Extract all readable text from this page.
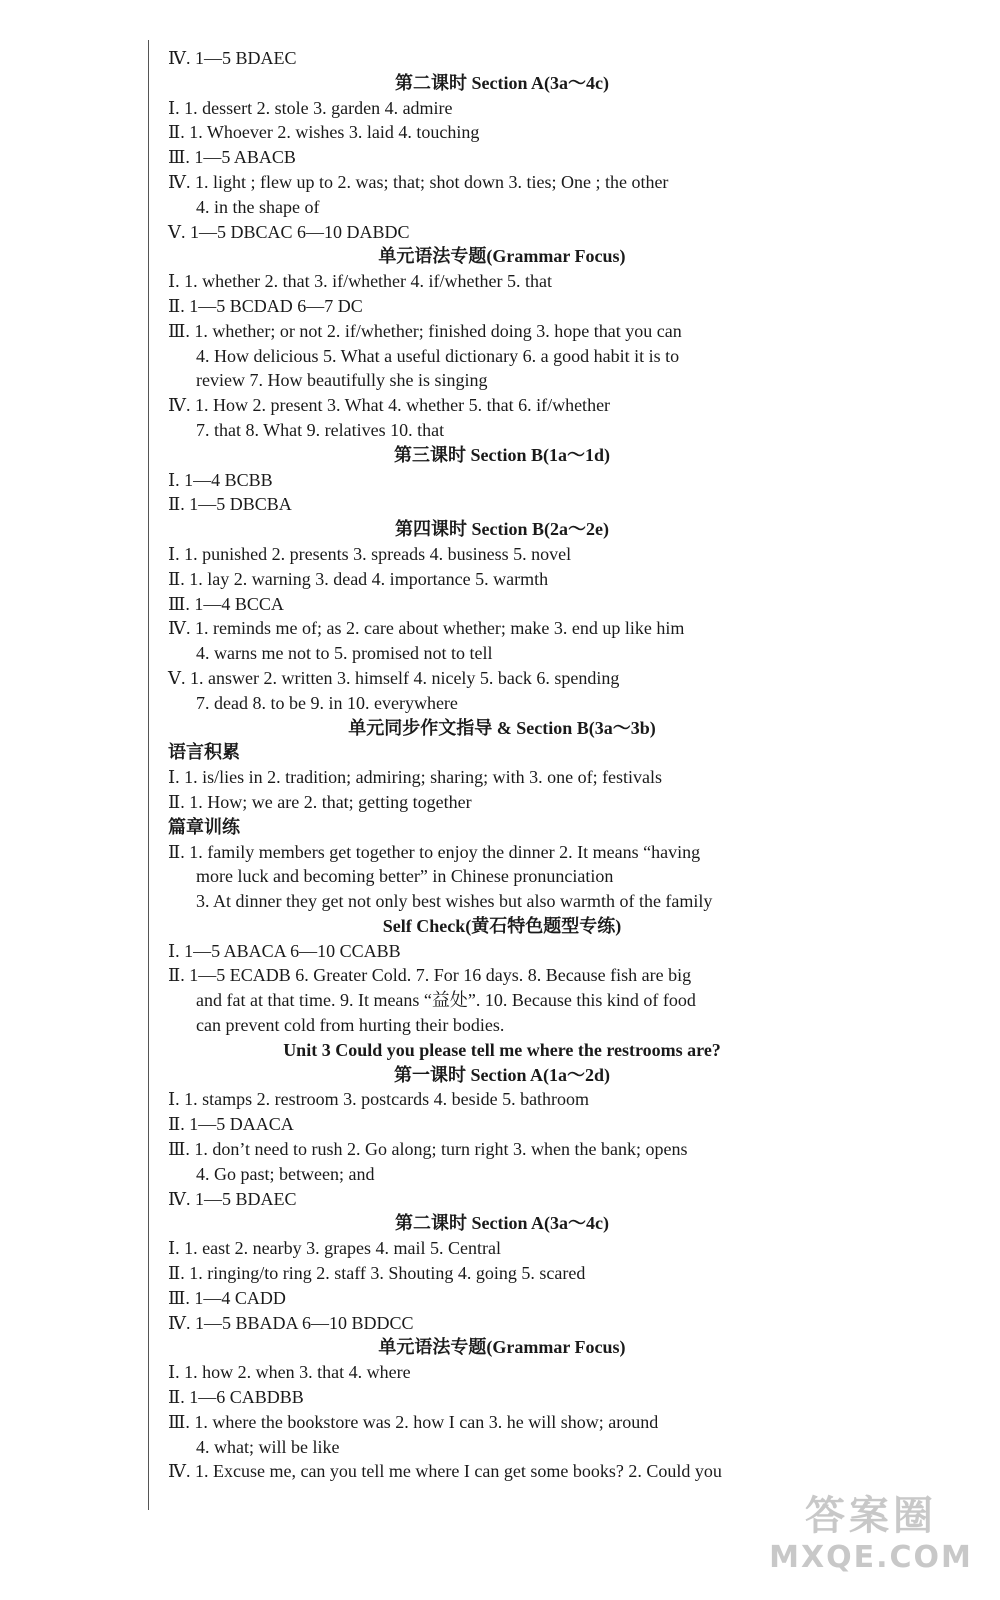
Ⅳ. 1—5 BDAEC
第二课时 Section A(3a～4c)
Ⅰ. 1. dessert 2. stole 3. garden 4. admire
Ⅱ. 1. Whoever 2. wishes 3. laid 4. touching
Ⅲ. 1—5 ABACB
Ⅳ. 1. light ; flew up to 2. was; that; shot down 3. ties; One ; the other
4. in the shape of
Ⅴ. 1—5 DBCAC 6—10 DABDC
单元语法专题(Grammar Focus)
Ⅰ. 1. whether 2. that 3. if/whether 4. if/whether 5. that
Ⅱ. 1—5 BCDAD 6—7 DC
Ⅲ. 1. whether; or not 2. if/whether; finished doing 3. hope that you can
4. How delicious 5. What a useful dictionary 6. a good habit it is to
review 7. How beautifully she is singing
Ⅳ. 1. How 2. present 3. What 4. whether 5. that 6. if/whether
7. that 8. What 9. relatives 10. that
第三课时 Section B(1a～1d)
Ⅰ. 1—4 BCBB
Ⅱ. 1—5 DBCBA
第四课时 Section B(2a～2e)
Ⅰ. 1. punished 2. presents 3. spreads 4. business 5. novel
Ⅱ. 1. lay 2. warning 3. dead 4. importance 5. warmth
Ⅲ. 1—4 BCCA
Ⅳ. 1. reminds me of; as 2. care about whether; make 3. end up like him
4. warns me not to 5. promised not to tell
Ⅴ. 1. answer 2. written 3. himself 4. nicely 5. back 6. spending
7. dead 8. to be 9. in 10. everywhere
单元同步作文指导 & Section B(3a～3b)
语言积累
Ⅰ. 1. is/lies in 2. tradition; admiring; sharing; with 3. one of; festivals
Ⅱ. 1. How; we are 2. that; getting together
篇章训练
Ⅱ. 1. family members get together to enjoy the dinner 2. It means “having
more luck and becoming better” in Chinese pronunciation
3. At dinner they get not only best wishes but also warmth of the family
Self Check(黄石特色题型专练)
Ⅰ. 1—5 ABACA 6—10 CCABB
Ⅱ. 1—5 ECADB 6. Greater Cold. 7. For 16 days. 8. Because fish are big
and fat at that time. 9. It means “益处”. 10. Because this kind of food
can prevent cold from hurting their bodies.
Unit 3 Could you please tell me where the restrooms are?
第一课时 Section A(1a～2d)
Ⅰ. 1. stamps 2. restroom 3. postcards 4. beside 5. bathroom
Ⅱ. 1—5 DAACA
Ⅲ. 1. don’t need to rush 2. Go along; turn right 3. when the bank; opens
4. Go past; between; and
Ⅳ. 1—5 BDAEC
第二课时 Section A(3a～4c)
Ⅰ. 1. east 2. nearby 3. grapes 4. mail 5. Central
Ⅱ. 1. ringing/to ring 2. staff 3. Shouting 4. going 5. scared
Ⅲ. 1—4 CADD
Ⅳ. 1—5 BBADA 6—10 BDDCC
单元语法专题(Grammar Focus)
Ⅰ. 1. how 2. when 3. that 4. where
Ⅱ. 1—6 CABDBB
Ⅲ. 1. where the bookstore was 2. how I can 3. he will show; around
4. what; will be like
Ⅳ. 1. Excuse me, can you tell me where I can get some books? 2. Could you
答案圈
MXQE.COM
